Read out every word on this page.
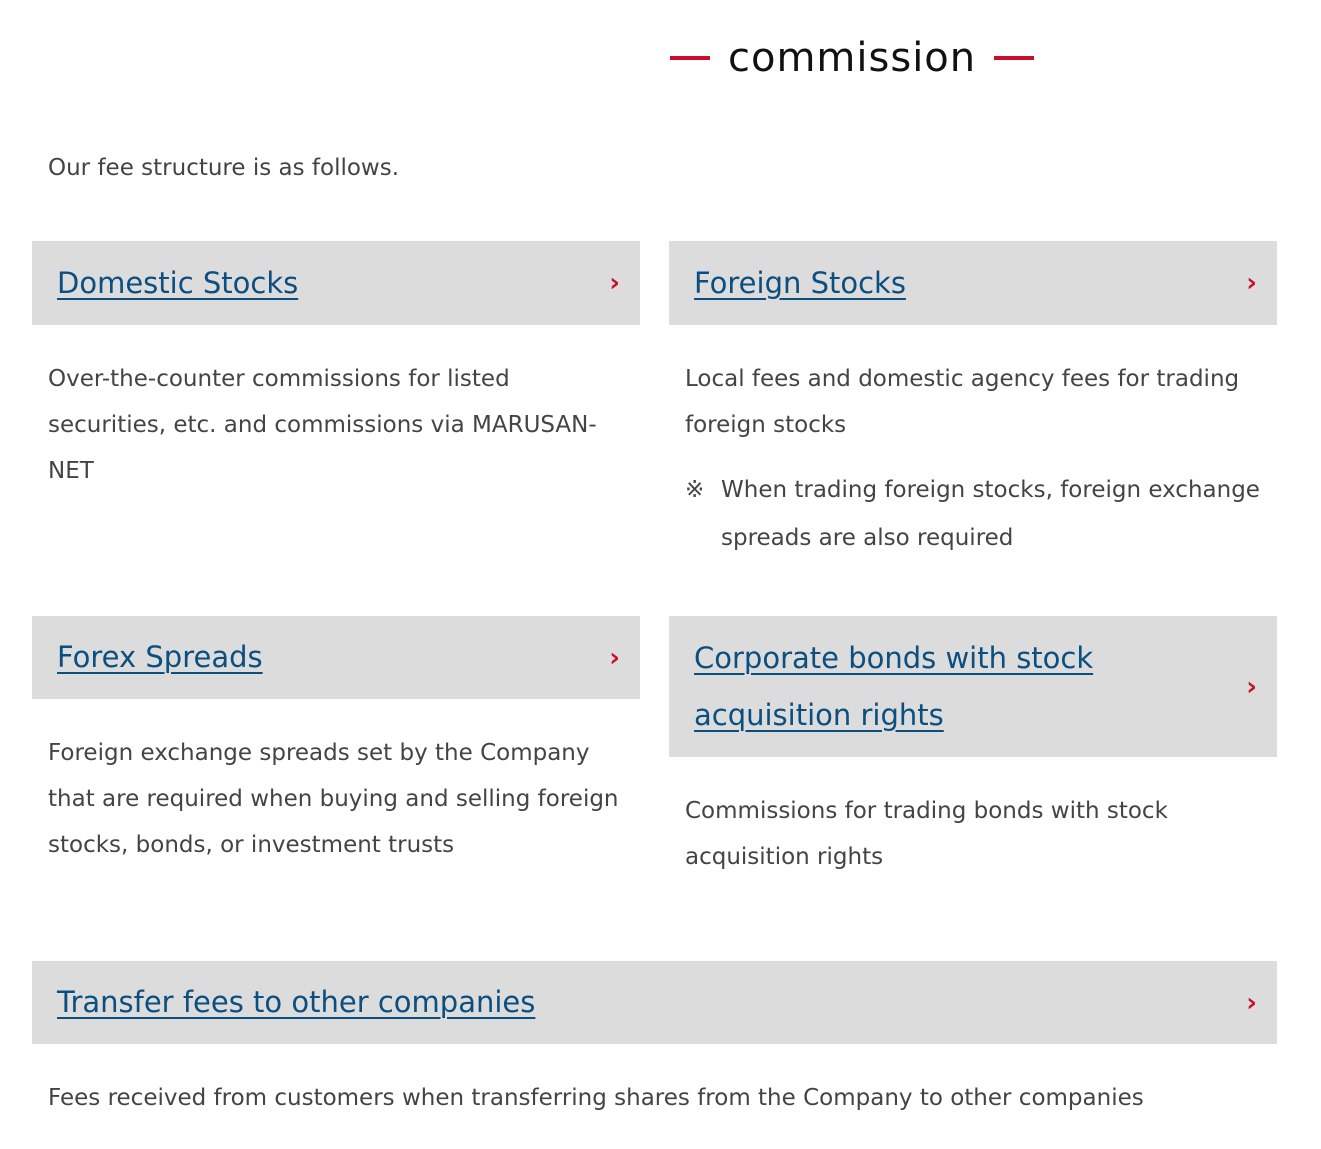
commission
Our fee structure is as follows.
Domestic Stocks	›

Over-the-counter commissions for listed securities, etc. and commissions via MARUSAN-NET

Foreign Stocks	›

Local fees and domestic agency fees for trading foreign stocks

※ When trading foreign stocks, foreign exchange spreads are also required
Forex Spreads	›

Foreign exchange spreads set by the Company that are required when buying and selling foreign stocks, bonds, or investment trusts

Corporate bonds with stock acquisition rights
›

Commissions for trading bonds with stock acquisition rights

Transfer fees to other companies	›

Fees received from customers when transferring shares from the Company to other companies
